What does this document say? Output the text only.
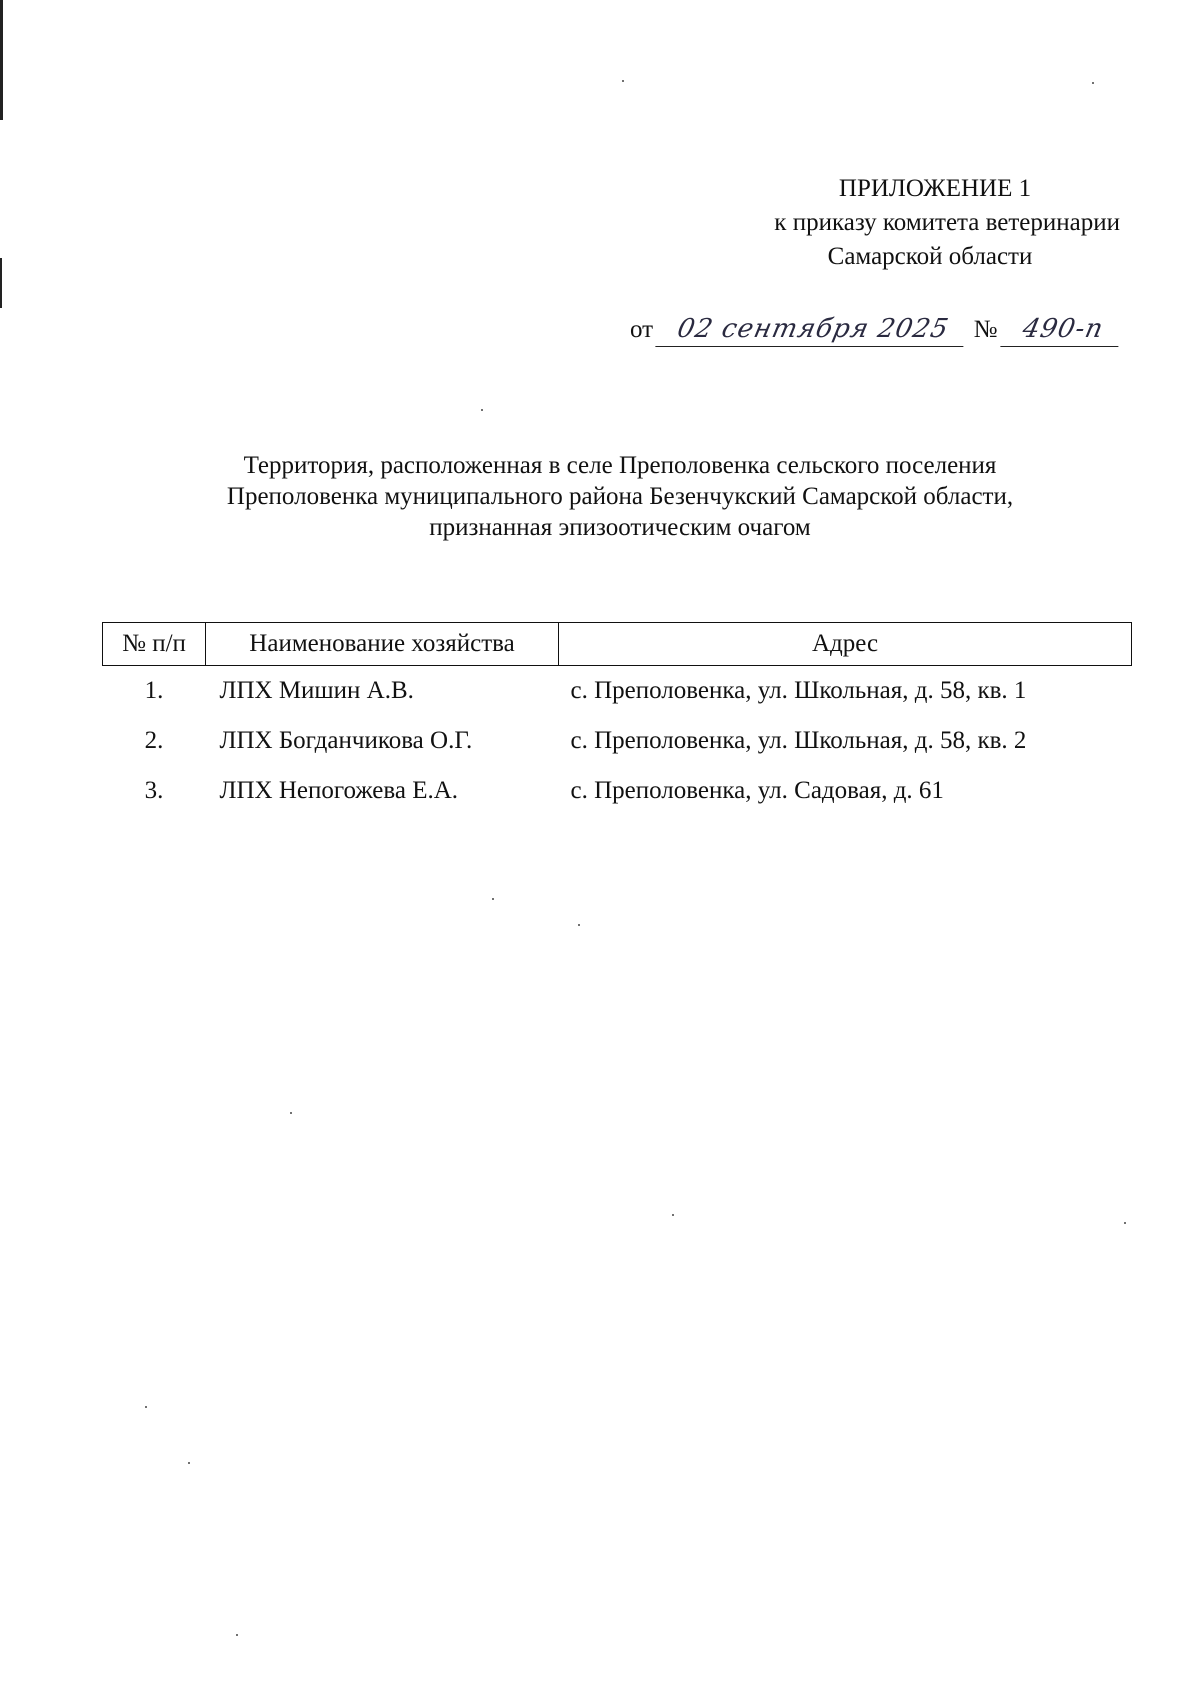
ПРИЛОЖЕНИЕ 1
к приказу комитета ветеринарии
Самарской области
от 02 сентября 2025 № 490-п
Территория, расположенная в селе Преполовенка сельского поселения
Преполовенка муниципального района Безенчукский Самарской области,
признанная эпизоотическим очагом
№ п/п	Наименование хозяйства	Адрес
1.	ЛПХ Мишин А.В.	с. Преполовенка, ул. Школьная, д. 58, кв. 1
2.	ЛПХ Богданчикова О.Г.	с. Преполовенка, ул. Школьная, д. 58, кв. 2
3.	ЛПХ Непогожева Е.А.	с. Преполовенка, ул. Садовая, д. 61
